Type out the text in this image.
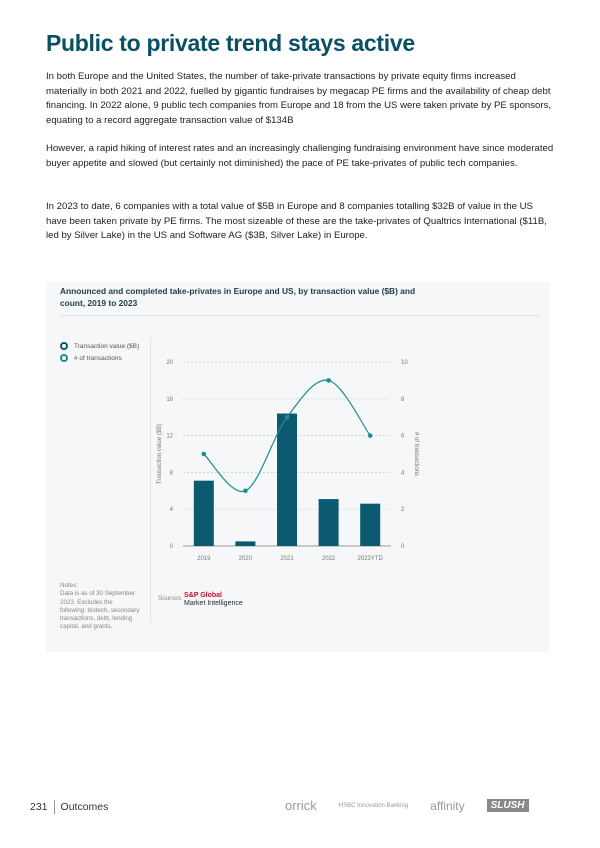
Public to private trend stays active

In both Europe and the United States, the number of take-private transactions by private equity firms increased materially in both 2021 and 2022, fuelled by gigantic fundraises by megacap PE firms and the availability of cheap debt financing. In 2022 alone, 9 public tech companies from Europe and 18 from the US were taken private by PE sponsors, equating to a record aggregate transaction value of $134B

However, a rapid hiking of interest rates and an increasingly challenging fundraising environment have since moderated buyer appetite and slowed (but certainly not diminished) the pace of PE take-privates of public tech companies.

In 2023 to date, 6 companies with a total value of $5B in Europe and 8 companies totalling $32B of value in the US have been taken private by PE firms. The most sizeable of these are the take-privates of Qualtrics International ($11B, led by Silver Lake) in the US and Software AG ($3B, Silver Lake) in Europe.

Announced and completed take-privates in Europe and US, by transaction value ($B) and count, 2019 to 2023
Transaction value ($B)
# of transactions
0	0
4	2
8	4
12	6
16	8
20	10
2019	2020	2021	2022	2023YTD
Transaction value ($B)	# of transactions
Notes:
Data is as of 30 September 2023. Excludes the following: biotech, secondary transactions, debt, lending capital, and grants.
Sources: S&P Global
Market Intelligence
231 Outcomes	orrick	HSBC Innovation Banking affinity	SLUSH
